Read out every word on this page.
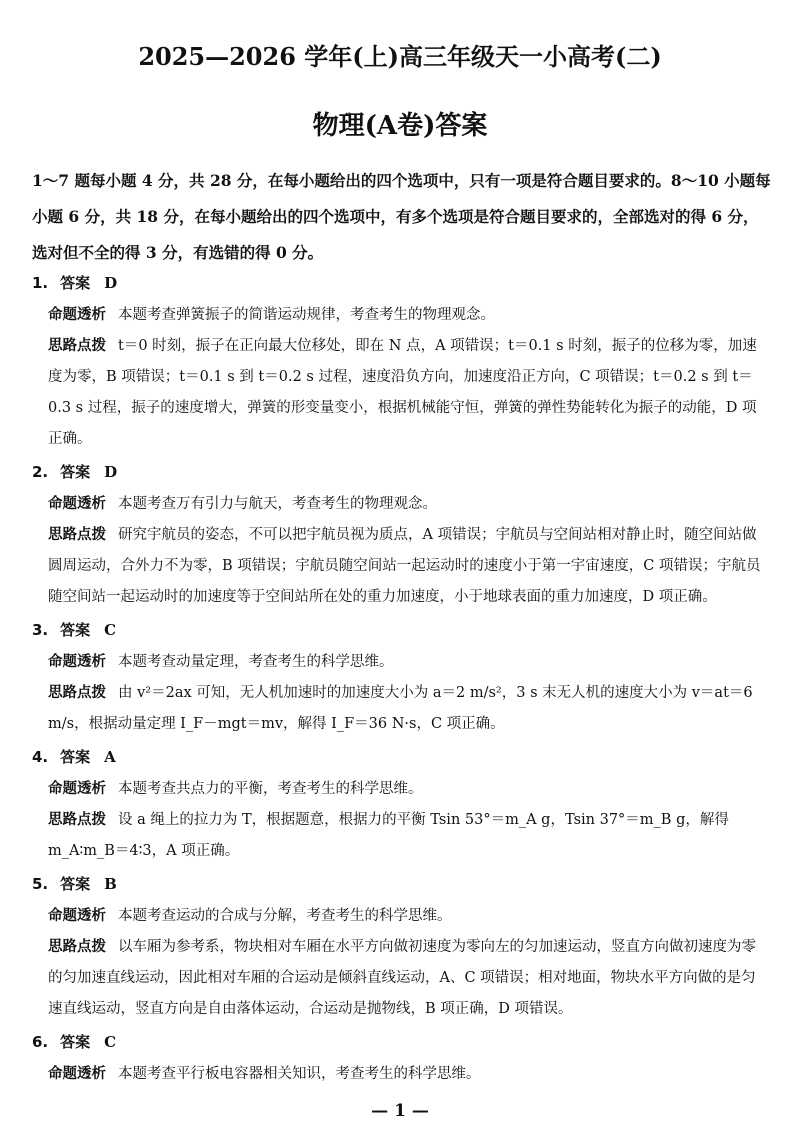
2025—2026 学年(上)高三年级天一小高考(二)
物理(A卷)答案

1～7 题每小题 4 分，共 28 分，在每小题给出的四个选项中，只有一项是符合题目要求的。8～10 小题每小题 6 分，共 18 分，在每小题给出的四个选项中，有多个选项是符合题目要求的，全部选对的得 6 分，选对但不全的得 3 分，有选错的得 0 分。

1. 答案 D

命题透析 本题考查弹簧振子的简谐运动规律，考查考生的物理观念。

思路点拨 t＝0 时刻，振子在正向最大位移处，即在 N 点，A 项错误；t＝0.1 s 时刻，振子的位移为零，加速度为零，B 项错误；t＝0.1 s 到 t＝0.2 s 过程，速度沿负方向，加速度沿正方向，C 项错误；t＝0.2 s 到 t＝0.3 s 过程，振子的速度增大，弹簧的形变量变小，根据机械能守恒，弹簧的弹性势能转化为振子的动能，D 项正确。

2. 答案 D

命题透析 本题考查万有引力与航天，考查考生的物理观念。

思路点拨 研究宇航员的姿态，不可以把宇航员视为质点，A 项错误；宇航员与空间站相对静止时，随空间站做圆周运动，合外力不为零，B 项错误；宇航员随空间站一起运动时的速度小于第一宇宙速度，C 项错误；宇航员随空间站一起运动时的加速度等于空间站所在处的重力加速度，小于地球表面的重力加速度，D 项正确。

3. 答案 C

命题透析 本题考查动量定理，考查考生的科学思维。

思路点拨 由 v²＝2ax 可知，无人机加速时的加速度大小为 a＝2 m/s²，3 s 末无人机的速度大小为 v＝at＝6 m/s，根据动量定理 I_F－mgt＝mv，解得 I_F＝36 N·s，C 项正确。

4. 答案 A

命题透析 本题考查共点力的平衡，考查考生的科学思维。

思路点拨 设 a 绳上的拉力为 T，根据题意，根据力的平衡 Tsin 53°＝m_A g，Tsin 37°＝m_B g，解得 m_A∶m_B＝4∶3，A 项正确。

5. 答案 B

命题透析 本题考查运动的合成与分解，考查考生的科学思维。

思路点拨 以车厢为参考系，物块相对车厢在水平方向做初速度为零向左的匀加速运动，竖直方向做初速度为零的匀加速直线运动，因此相对车厢的合运动是倾斜直线运动，A、C 项错误；相对地面，物块水平方向做的是匀速直线运动，竖直方向是自由落体运动，合运动是抛物线，B 项正确，D 项错误。

6. 答案 C

命题透析 本题考查平行板电容器相关知识，考查考生的科学思维。

— 1 —
